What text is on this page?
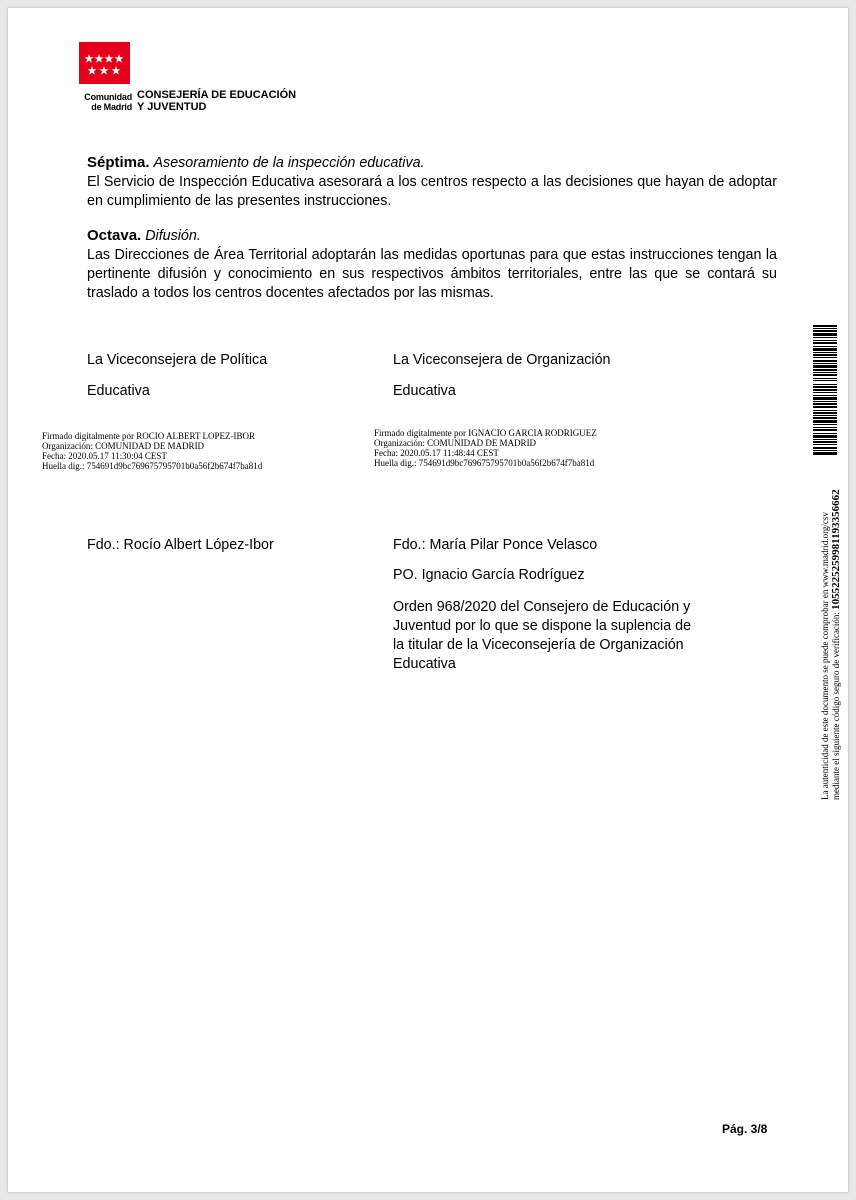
Comunidad
de Madrid
CONSEJERÍA DE EDUCACIÓN
Y JUVENTUD
Séptima. Asesoramiento de la inspección educativa.
El Servicio de Inspección Educativa asesorará a los centros respecto a las decisiones que hayan de adoptar en cumplimiento de las presentes instrucciones.
Octava. Difusión.
Las Direcciones de Área Territorial adoptarán las medidas oportunas para que estas instrucciones tengan la pertinente difusión y conocimiento en sus respectivos ámbitos territoriales, entre las que se contará su traslado a todos los centros docentes afectados por las mismas.
La Viceconsejera de Política
Educativa
Firmado digitalmente por ROCIO ALBERT LOPEZ-IBOR
Organización: COMUNIDAD DE MADRID
Fecha: 2020.05.17 11:30:04 CEST
Huella dig.: 754691d9bc769675795701b0a56f2b674f7ba81d
Fdo.: Rocío Albert López-Ibor
La Viceconsejera de Organización
Educativa
Firmado digitalmente por IGNACIO GARCIA RODRIGUEZ
Organización: COMUNIDAD DE MADRID
Fecha: 2020.05.17 11:48:44 CEST
Huella dig.: 754691d9bc769675795701b0a56f2b674f7ba81d
Fdo.: María Pilar Ponce Velasco
PO. Ignacio García Rodríguez
Orden 968/2020 del Consejero de Educación y
Juventud por lo que se dispone la suplencia de
la titular de la Viceconsejería de Organización
Educativa	La autenticidad de este documento se puede comprobar en www.madrid.org/csv mediante el siguiente código seguro de verificación: 1055225259981193356662
Pág. 3/8
